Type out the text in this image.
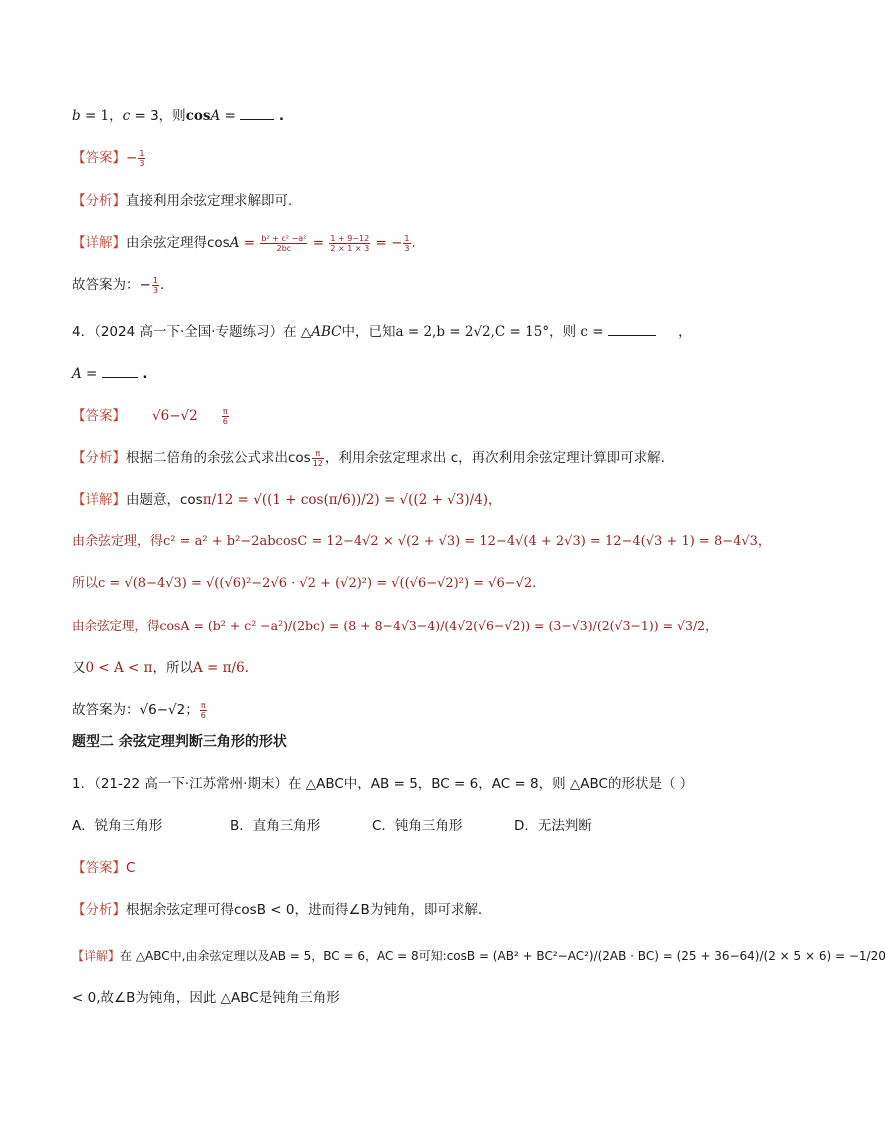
b = 1，c = 3，则cosA =	.
【答案】− $\frac{1}{3}$
【分析】直接利用余弦定理求解即可.
【详解】由余弦定理得$\cos A = \frac{\text{b² + c² −a²}}{2bc} = \frac{1 + 9-12}{2 \times 1 \times 3}$ = − $\frac{1}{3}$ .
故答案为：− $\frac{1}{3}$ .
4．（2024 高一下·全国·专题练习）在 △ABC中，已知a = 2,b = 2√2,C = 15°，则 c =	，
A =	.
【答案】 √6−√2	$\frac{\pi}{6}$
【分析】根据二倍角的余弦公式求出$\cos \frac{\pi}{12}$ ，利用余弦定理求出 c，再次利用余弦定理计算即可求解.
【详解】由题意，cosπ/12 = √((1 + cos(π/6))/2) = √((2 + √3)/4)，
由余弦定理，得c² = a² + b²−2abcosC = 12−4√2 × √(2 + √3) = 12−4√(4 + 2√3) = 12−4(√3 + 1) = 8−4√3，
所以c = √(8−4√3) = √((√6)²−2√6 · √2 + (√2)²) = √((√6−√2)²) = √6−√2.
由余弦定理，得cosA = (b² + c² −a²)/(2bc) = (8 + 8−4√3−4)/(4√2(√6−√2)) = (3−√3)/(2(√3−1)) = √3/2，
又0 < A < π，所以A = π/6.
故答案为：√6−√2； $\frac{\pi}{6}$
题型二 余弦定理判断三角形的形状
1．（21-22 高一下·江苏常州·期末）在 △ABC中，AB = 5，BC = 6，AC = 8，则 △ABC的形状是（ ）
A．锐角三角形	B．直角三角形	C．钝角三角形	D．无法判断
【答案】C
【分析】根据余弦定理可得cosB < 0，进而得∠B为钝角，即可求解.
【详解】在 △ABC中,由余弦定理以及AB = 5，BC = 6，AC = 8可知:cosB = (AB² + BC²−AC²)/(2AB · BC) = (25 + 36−64)/(2 × 5 × 6) = −1/20
< 0,故∠B为钝角，因此 △ABC是钝角三角形
